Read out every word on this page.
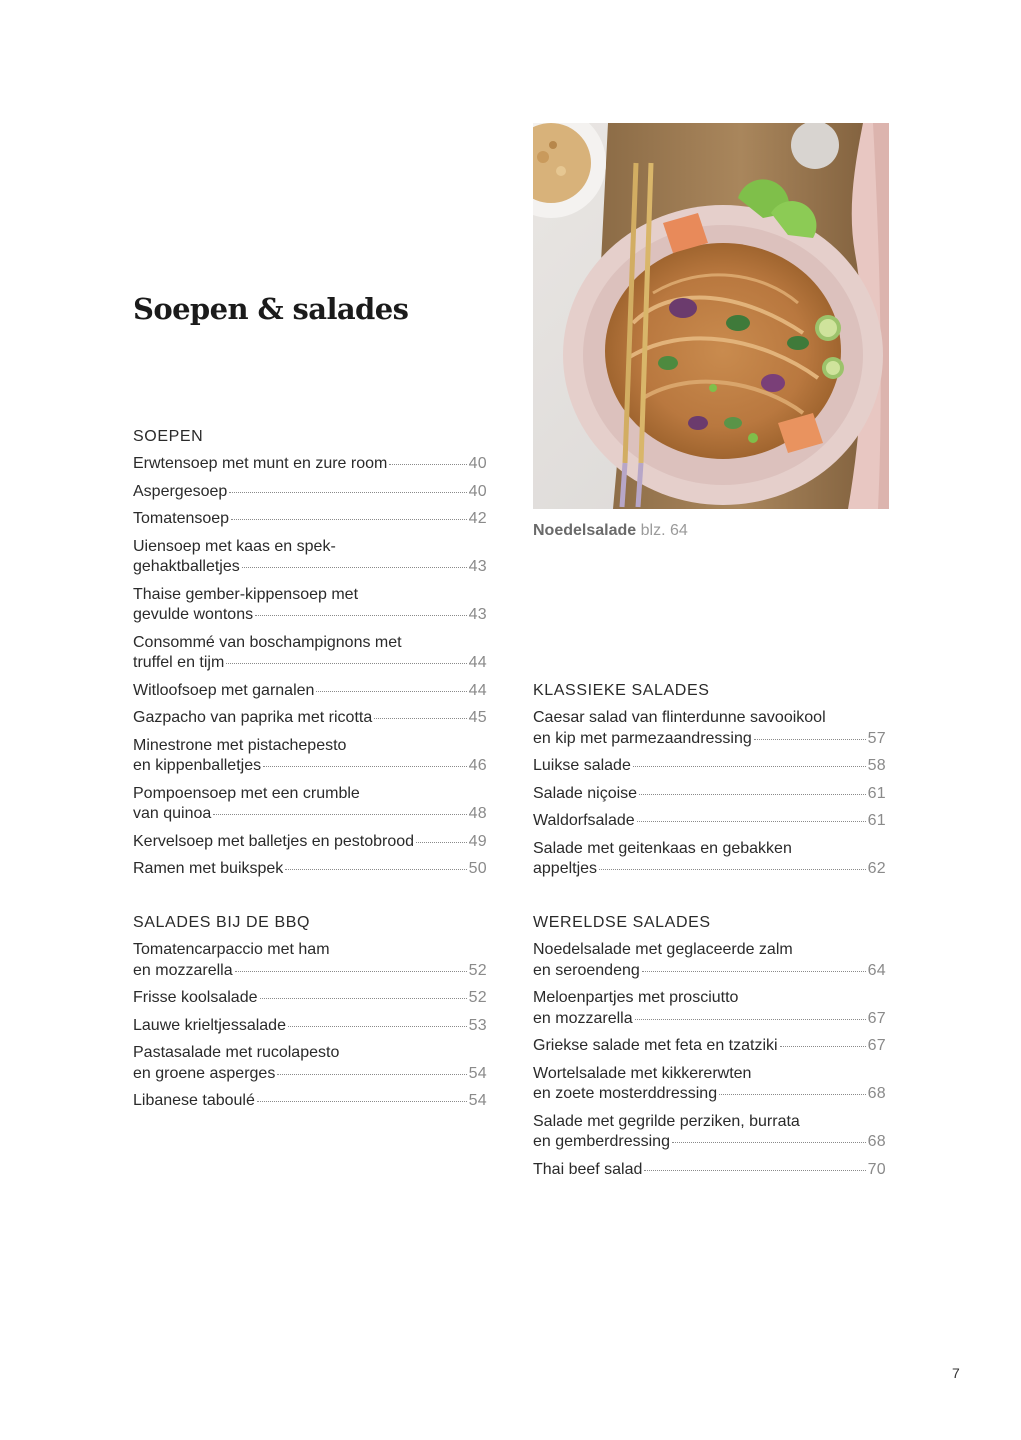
Soepen & salades
Noedelsalade blz. 64
SOEPEN
Erwtensoep met munt en zure room	40
Aspergesoep	40
Tomatensoep	42
Uiensoep met kaas en spek-
gehaktballetjes	43
Thaise gember-kippensoep met
gevulde wontons	43
Consommé van boschampignons met
truffel en tijm	44
Witloofsoep met garnalen	44
Gazpacho van paprika met ricotta	45
Minestrone met pistachepesto
en kippenballetjes	46
Pompoensoep met een crumble
van quinoa	48
Kervelsoep met balletjes en pestobrood	49
Ramen met buikspek	50
SALADES BIJ DE BBQ
Tomatencarpaccio met ham
en mozzarella	52
Frisse koolsalade	52
Lauwe krieltjessalade	53
Pastasalade met rucolapesto
en groene asperges	54
Libanese taboulé	54
KLASSIEKE SALADES
Caesar salad van flinterdunne savooikool
en kip met parmezaandressing	57
Luikse salade	58
Salade niçoise	61
Waldorfsalade	61
Salade met geitenkaas en gebakken
appeltjes	62
WERELDSE SALADES
Noedelsalade met geglaceerde zalm
en seroendeng	64
Meloenpartjes met prosciutto
en mozzarella	67
Griekse salade met feta en tzatziki	67
Wortelsalade met kikkererwten
en zoete mosterddressing	68
Salade met gegrilde perziken, burrata
en gemberdressing	68
Thai beef salad	70
7
